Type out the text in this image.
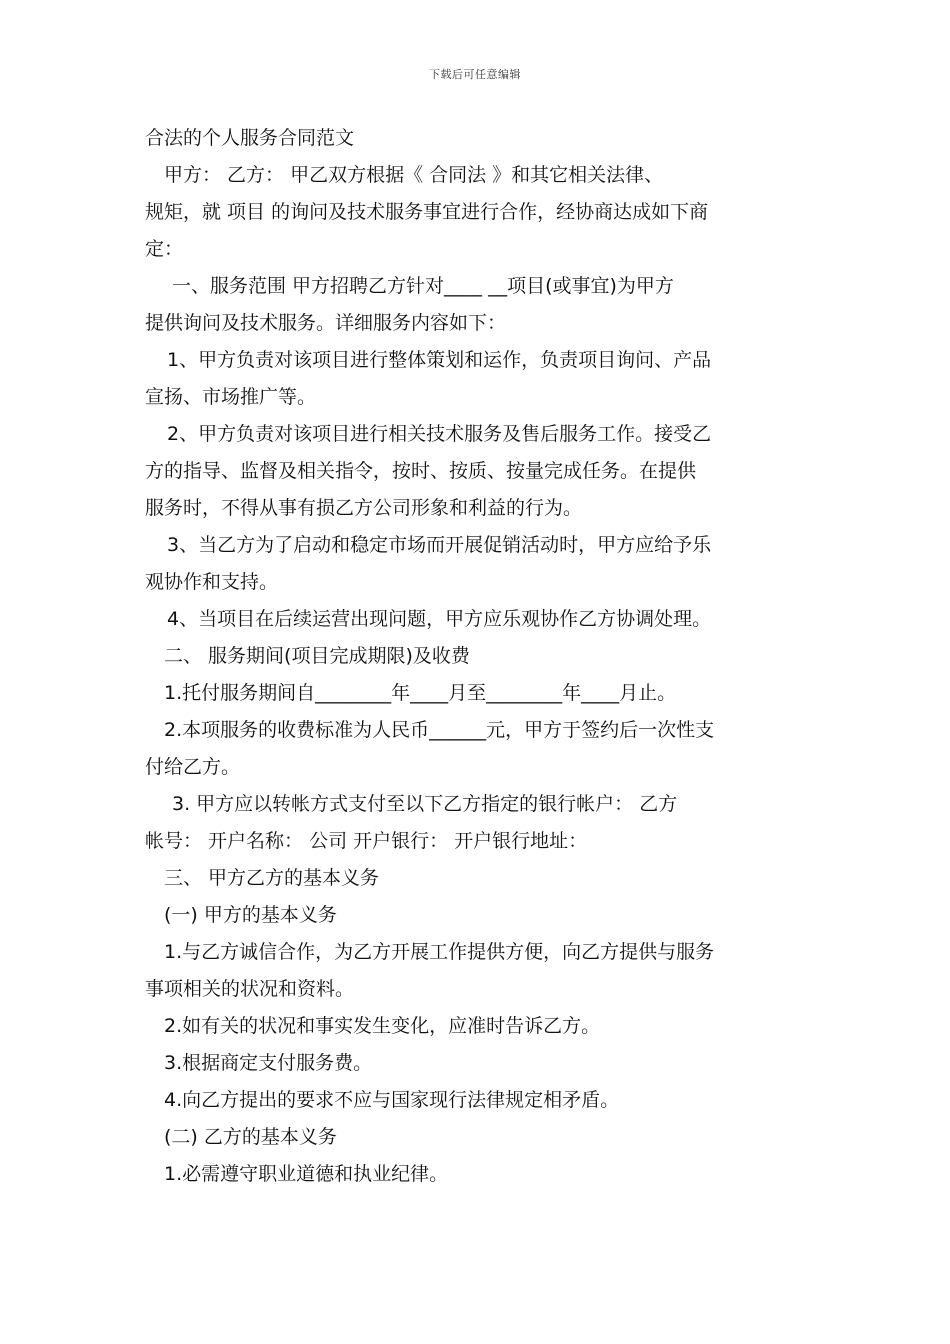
下载后可任意编辑

合法的个人服务合同范文

甲方： 乙方： 甲乙双方根据《 合同法 》和其它相关法律、

规矩，就 项目 的询问及技术服务事宜进行合作，经协商达成如下商

定：

一、服务范围 甲方招聘乙方针对____ __项目(或事宜)为甲方

提供询问及技术服务。详细服务内容如下：

1、甲方负责对该项目进行整体策划和运作，负责项目询问、产品

宣扬、市场推广等。

2、甲方负责对该项目进行相关技术服务及售后服务工作。接受乙

方的指导、监督及相关指令，按时、按质、按量完成任务。在提供

服务时，不得从事有损乙方公司形象和利益的行为。

3、当乙方为了启动和稳定市场而开展促销活动时，甲方应给予乐

观协作和支持。

4、当项目在后续运营出现问题，甲方应乐观协作乙方协调处理。

二、 服务期间(项目完成期限)及收费

1.托付服务期间自________年____月至________年____月止。

2.本项服务的收费标准为人民币______元，甲方于签约后一次性支

付给乙方。

3. 甲方应以转帐方式支付至以下乙方指定的银行帐户： 乙方

帐号： 开户名称： 公司 开户银行： 开户银行地址：

三、 甲方乙方的基本义务

(一) 甲方的基本义务

1.与乙方诚信合作，为乙方开展工作提供方便，向乙方提供与服务

事项相关的状况和资料。

2.如有关的状况和事实发生变化，应准时告诉乙方。

3.根据商定支付服务费。

4.向乙方提出的要求不应与国家现行法律规定相矛盾。

(二) 乙方的基本义务

1.必需遵守职业道德和执业纪律。
